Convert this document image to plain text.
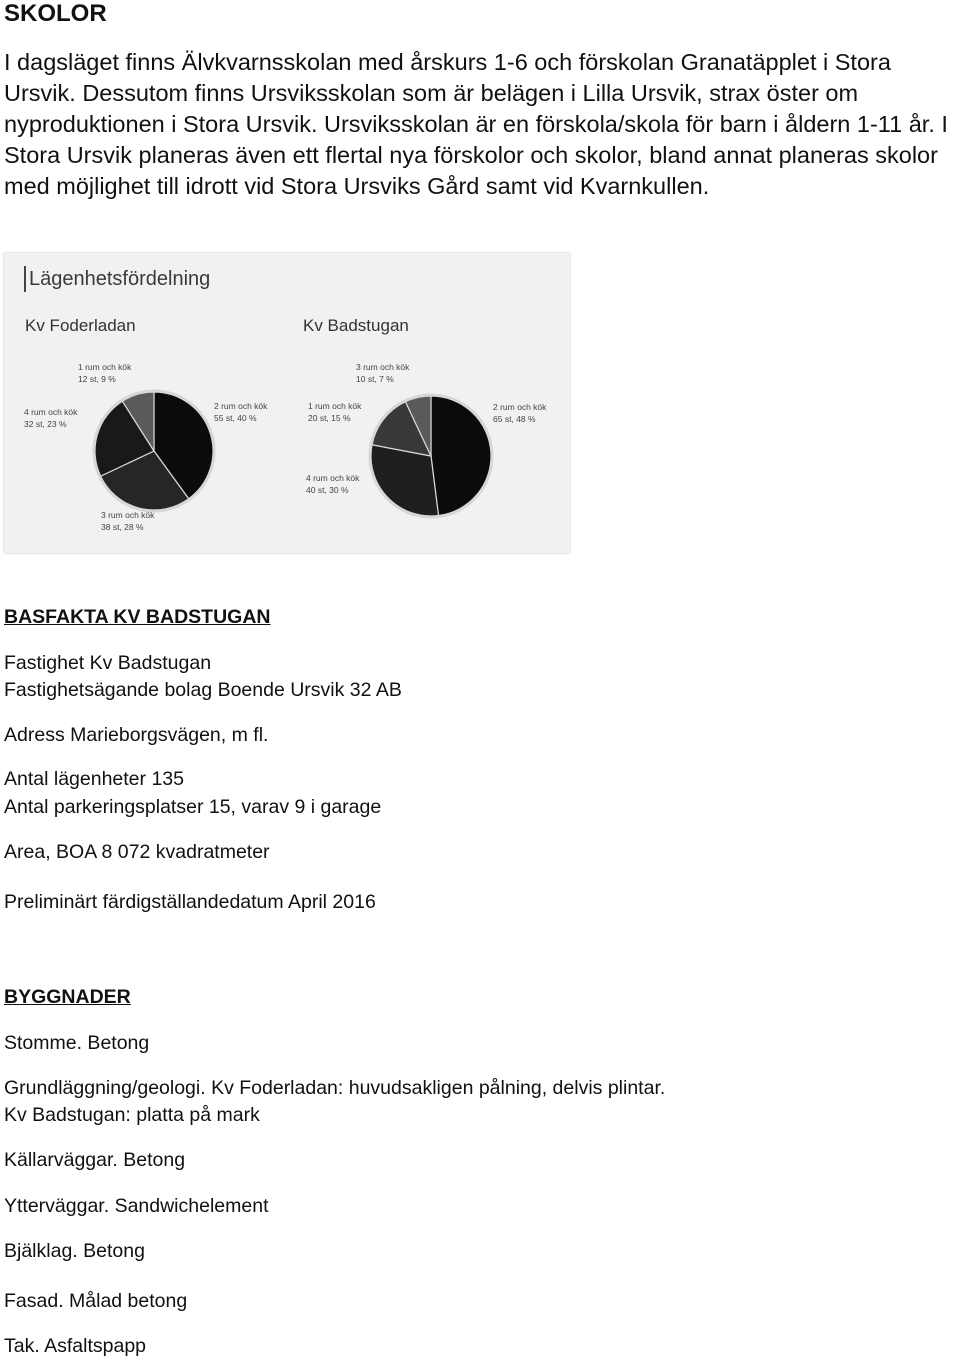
SKOLOR

I dagsläget finns Älvkvarnsskolan med årskurs 1-6 och förskolan Granatäpplet i Stora Ursvik. Dessutom finns Ursviksskolan som är belägen i Lilla Ursvik, strax öster om nyproduktionen i Stora Ursvik. Ursviksskolan är en förskola/skola för barn i åldern 1-11 år. I Stora Ursvik planeras även ett flertal nya förskolor och skolor, bland annat planeras skolor med möjlighet till idrott vid Stora Ursviks Gård samt vid Kvarnkullen.

Lägenhetsfördelning
Kv Foderladan	Kv Badstugan
2 rum och kök
55 st, 40 %
3 rum och kök
38 st, 28 %
4 rum och kök
32 st, 23 %
1 rum och kök
12 st, 9 %
2 rum och kök
65 st, 48 %
4 rum och kök
40 st, 30 %
1 rum och kök
20 st, 15 %
3 rum och kök
10 st, 7 %
BASFAKTA KV BADSTUGAN

Fastighet Kv Badstugan

Fastighetsägande bolag Boende Ursvik 32 AB

Adress Marieborgsvägen, m fl.

Antal lägenheter 135

Antal parkeringsplatser 15, varav 9 i garage

Area, BOA 8 072 kvadratmeter

Preliminärt färdigställandedatum April 2016

BYGGNADER

Stomme. Betong

Grundläggning/geologi. Kv Foderladan: huvudsakligen pålning, delvis plintar.

Kv Badstugan: platta på mark

Källarväggar. Betong

Ytterväggar. Sandwichelement

Bjälklag. Betong

Fasad. Målad betong

Tak. Asfaltspapp
